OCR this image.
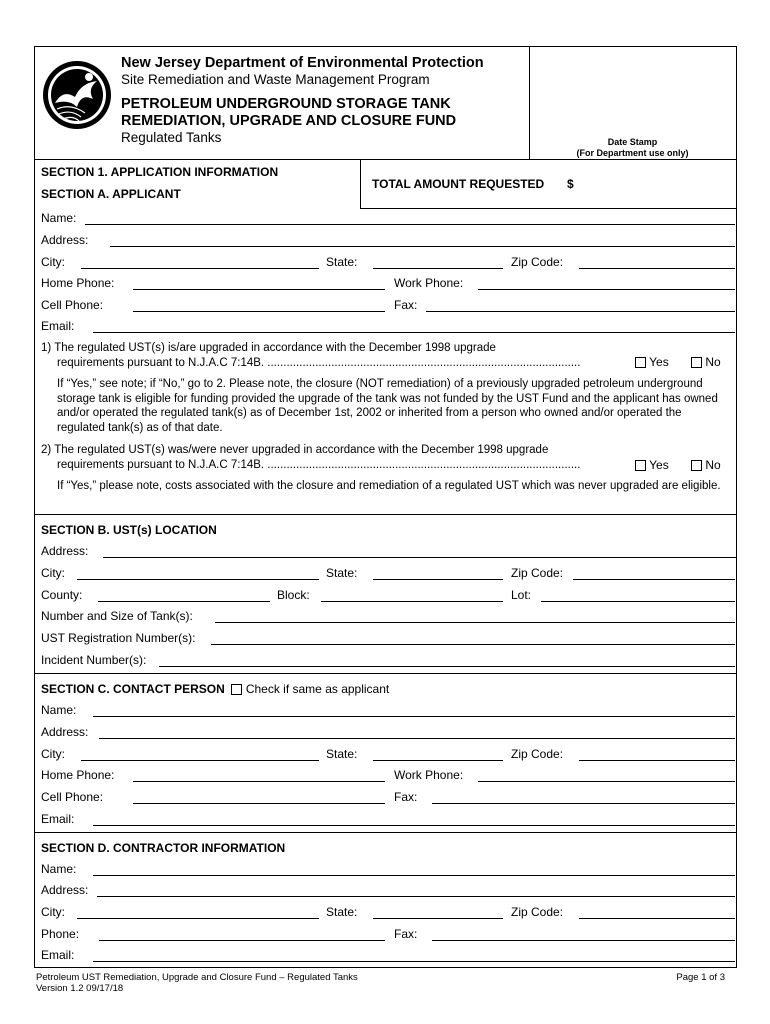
New Jersey Department of Environmental Protection
Site Remediation and Waste Management Program
PETROLEUM UNDERGROUND STORAGE TANK
REMEDIATION, UPGRADE AND CLOSURE FUND
Regulated Tanks	Date Stamp
(For Department use only)
SECTION 1. APPLICATION INFORMATION
SECTION A. APPLICANT
TOTAL AMOUNT REQUESTED $
Name:
Address:
City:	State:	Zip Code:
Home Phone:	Work Phone:
Cell Phone:	Fax:
Email:
1) The regulated UST(s) is/are upgraded in accordance with the December 1998 upgrade
requirements pursuant to N.J.A.C 7:14B. ..................................................................................................	Yes	No
If “Yes,” see note; if “No,” go to 2. Please note, the closure (NOT remediation) of a previously upgraded petroleum underground storage tank is eligible for funding provided the upgrade of the tank was not funded by the UST Fund and the applicant has owned and/or operated the regulated tank(s) as of December 1st, 2002 or inherited from a person who owned and/or operated the regulated tank(s) as of that date.
2) The regulated UST(s) was/were never upgraded in accordance with the December 1998 upgrade
requirements pursuant to N.J.A.C 7:14B. ..................................................................................................	Yes	No
If “Yes,” please note, costs associated with the closure and remediation of a regulated UST which was never upgraded are eligible.
SECTION B. UST(s) LOCATION
Address:
City:	State:	Zip Code:
County:	Block:	Lot:
Number and Size of Tank(s):
UST Registration Number(s):
Incident Number(s):
SECTION C. CONTACT PERSON Check if same as applicant
Name:
Address:
City:	State:	Zip Code:
Home Phone:	Work Phone:
Cell Phone:	Fax:
Email:
SECTION D. CONTRACTOR INFORMATION
Name:
Address:
City:	State:	Zip Code:
Phone:	Fax:
Email:
Petroleum UST Remediation, Upgrade and Closure Fund – Regulated Tanks
Version 1.2 09/17/18
Page 1 of 3
